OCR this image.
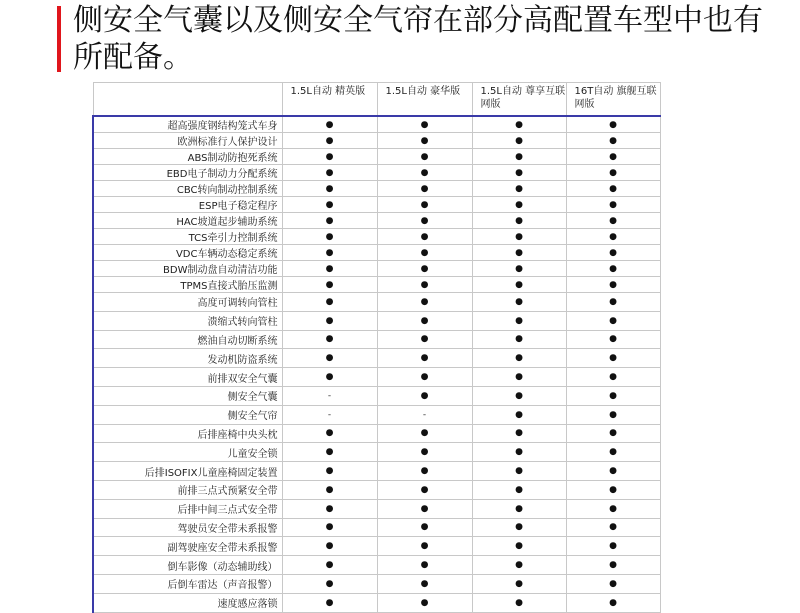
侧安全气囊以及侧安全气帘在部分高配置车型中也有所配备。
	1.5L自动 精英版	1.5L自动 豪华版	1.5L自动 尊享互联网版	16T自动 旗舰互联网版
超高强度钢结构笼式车身	●	●	●	●
欧洲标准行人保护设计	●	●	●	●
ABS制动防抱死系统	●	●	●	●
EBD电子制动力分配系统	●	●	●	●
CBC转向制动控制系统	●	●	●	●
ESP电子稳定程序	●	●	●	●
HAC坡道起步辅助系统	●	●	●	●
TCS牵引力控制系统	●	●	●	●
VDC车辆动态稳定系统	●	●	●	●
BDW制动盘自动清洁功能	●	●	●	●
TPMS直接式胎压监测	●	●	●	●
高度可调转向管柱	●	●	●	●
溃缩式转向管柱	●	●	●	●
燃油自动切断系统	●	●	●	●
发动机防盗系统	●	●	●	●
前排双安全气囊	●	●	●	●
侧安全气囊	-	●	●	●
侧安全气帘	-	-	●	●
后排座椅中央头枕	●	●	●	●
儿童安全锁	●	●	●	●
后排ISOFIX儿童座椅固定装置	●	●	●	●
前排三点式预紧安全带	●	●	●	●
后排中间三点式安全带	●	●	●	●
驾驶员安全带未系报警	●	●	●	●
副驾驶座安全带未系报警	●	●	●	●
倒车影像（动态辅助线）	●	●	●	●
后倒车雷达（声音报警）	●	●	●	●
速度感应落锁	●	●	●	●
